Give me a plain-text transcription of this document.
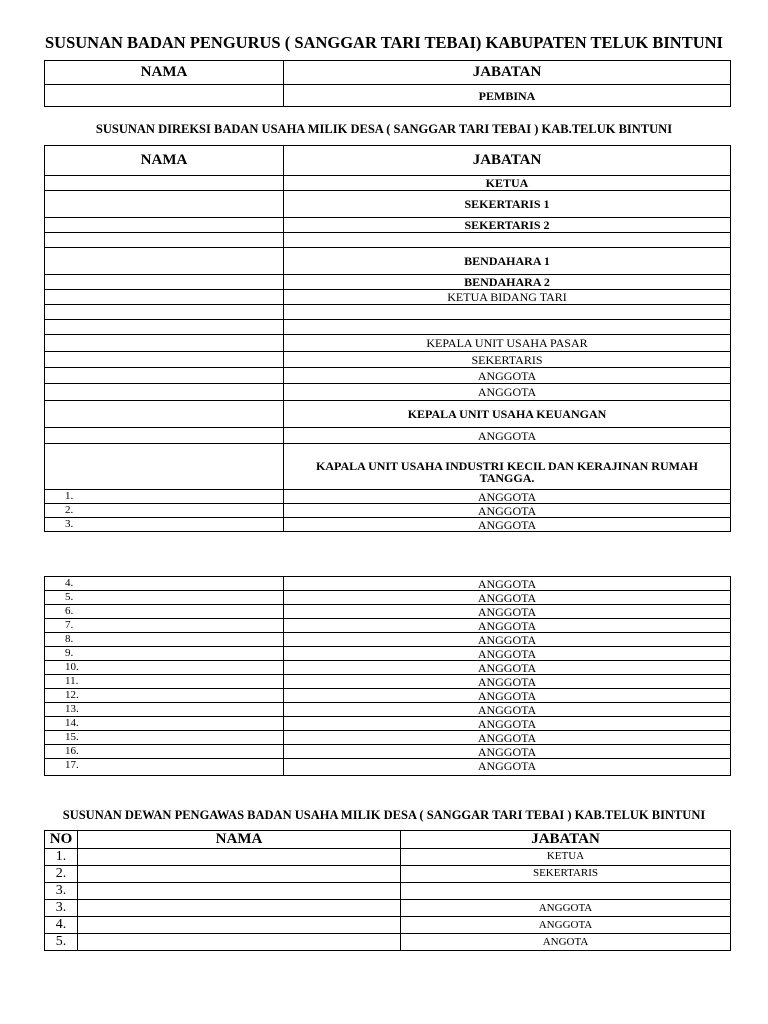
SUSUNAN BADAN PENGURUS ( SANGGAR TARI TEBAI) KABUPATEN TELUK BINTUNI
NAMA	JABATAN
	PEMBINA
SUSUNAN DIREKSI BADAN USAHA MILIK DESA ( SANGGAR TARI TEBAI ) KAB.TELUK BINTUNI
NAMA	JABATAN
	KETUA
	SEKERTARIS 1
	SEKERTARIS 2

	BENDAHARA 1
	BENDAHARA 2
	KETUA BIDANG TARI

	KEPALA UNIT USAHA PASAR
	SEKERTARIS
	ANGGOTA
	ANGGOTA
	KEPALA UNIT USAHA KEUANGAN
	ANGGOTA
	KAPALA UNIT USAHA INDUSTRI KECIL DAN KERAJINAN RUMAH TANGGA.
1.	ANGGOTA
2.	ANGGOTA
3.	ANGGOTA
4.	ANGGOTA
5.	ANGGOTA
6.	ANGGOTA
7.	ANGGOTA
8.	ANGGOTA
9.	ANGGOTA
10.	ANGGOTA
11.	ANGGOTA
12.	ANGGOTA
13.	ANGGOTA
14.	ANGGOTA
15.	ANGGOTA
16.	ANGGOTA
17.	ANGGOTA
SUSUNAN DEWAN PENGAWAS BADAN USAHA MILIK DESA ( SANGGAR TARI TEBAI ) KAB.TELUK BINTUNI
NO	NAMA	JABATAN
1.		KETUA
2.		SEKERTARIS
3.		
3.		ANGGOTA
4.		ANGGOTA
5.		ANGOTA
